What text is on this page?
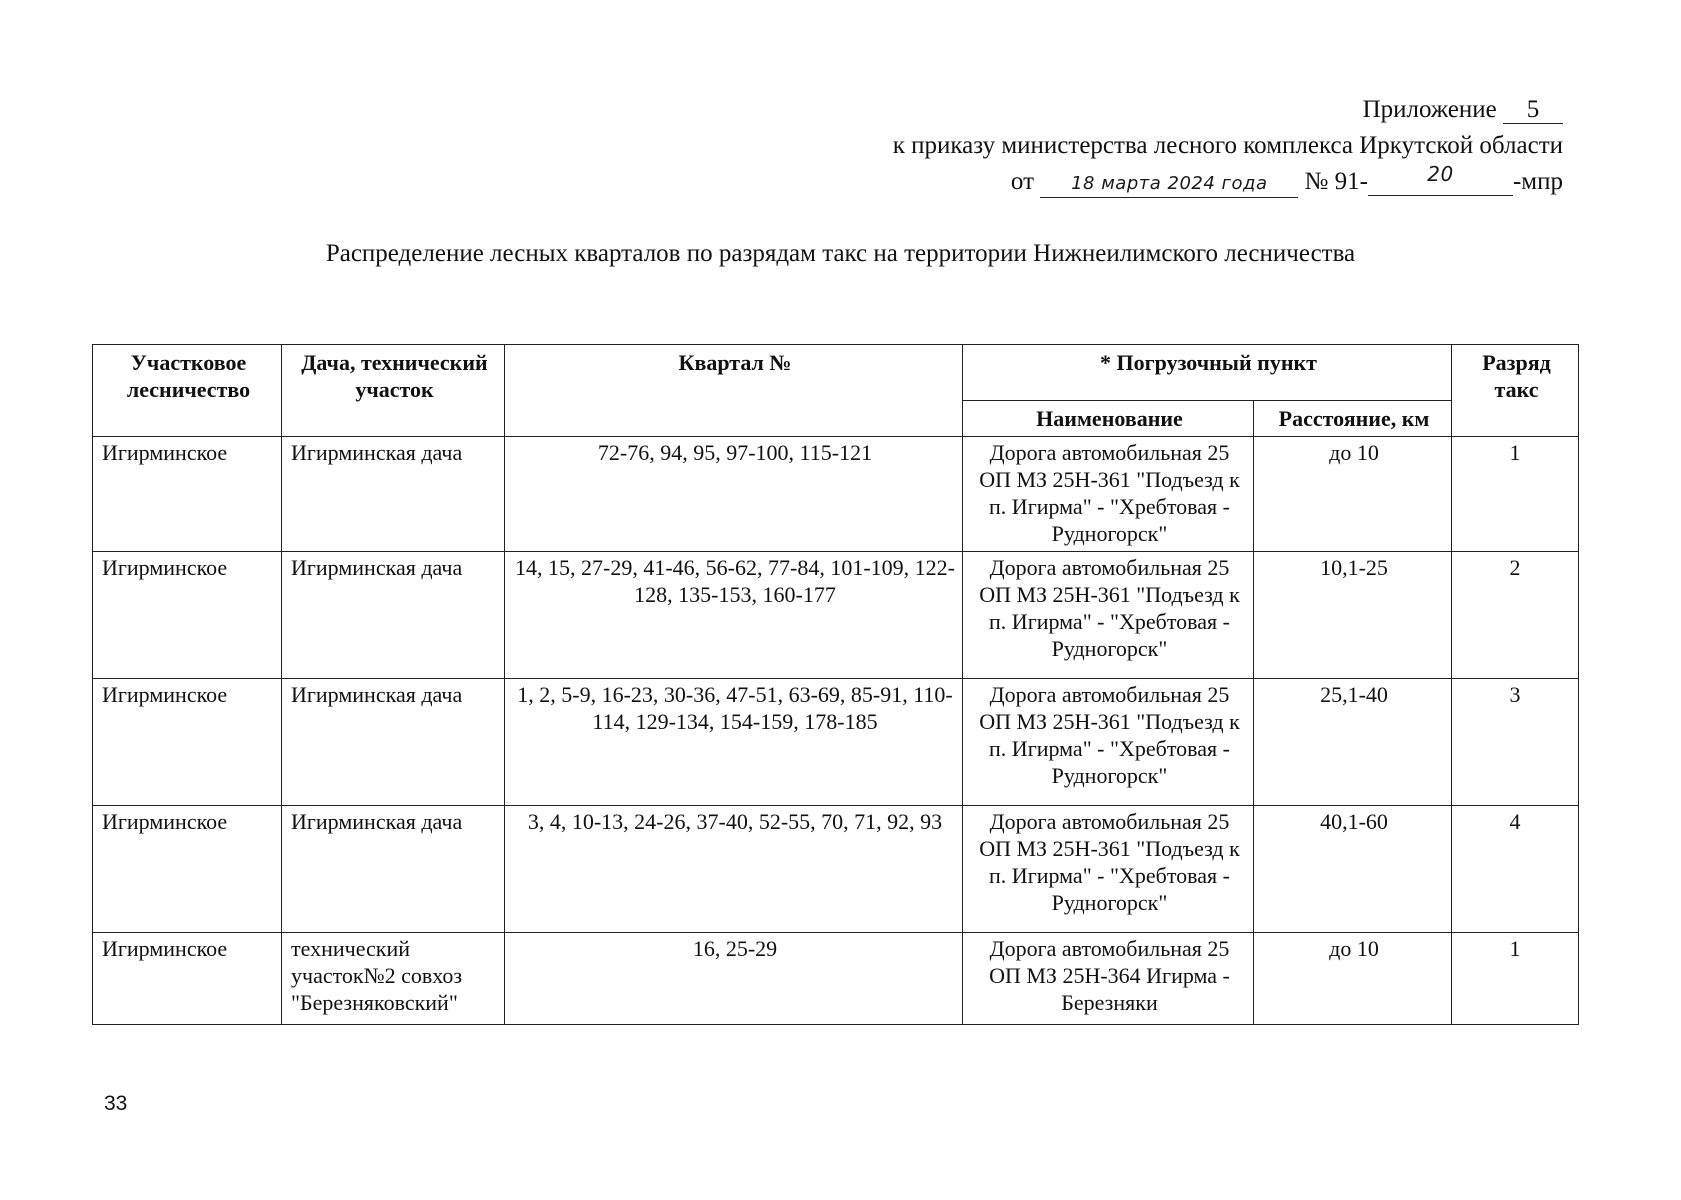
Приложение 5
к приказу министерства лесного комплекса Иркутской области
от 18 марта 2024 года № 91-	$^{20}$ -мпр
Распределение лесных кварталов по разрядам такс на территории Нижнеилимского лесничества
Участковое лесничество	Дача, технический участок	Квартал №	* Погрузочный пункт		Разряд такс
			Наименование	Расстояние, км	
Игирминское	Игирминская дача	72-76, 94, 95, 97-100, 115-121	Дорога автомобильная 25 ОП МЗ 25Н-361 "Подъезд к п. Игирма" - "Хребтовая - Рудногорск"	до 10	1
Игирминское	Игирминская дача	14, 15, 27-29, 41-46, 56-62, 77-84, 101-109, 122-128, 135-153, 160-177	Дорога автомобильная 25 ОП МЗ 25Н-361 "Подъезд к п. Игирма" - "Хребтовая - Рудногорск"	10,1-25	2
Игирминское	Игирминская дача	1, 2, 5-9, 16-23, 30-36, 47-51, 63-69, 85-91, 110-114, 129-134, 154-159, 178-185	Дорога автомобильная 25 ОП МЗ 25Н-361 "Подъезд к п. Игирма" - "Хребтовая - Рудногорск"	25,1-40	3
Игирминское	Игирминская дача	3, 4, 10-13, 24-26, 37-40, 52-55, 70, 71, 92, 93	Дорога автомобильная 25 ОП МЗ 25Н-361 "Подъезд к п. Игирма" - "Хребтовая - Рудногорск"	40,1-60	4
Игирминское	технический участок№2 совхоз "Березняковский"	16, 25-29	Дорога автомобильная 25 ОП МЗ 25Н-364 Игирма - Березняки	до 10	1
33
